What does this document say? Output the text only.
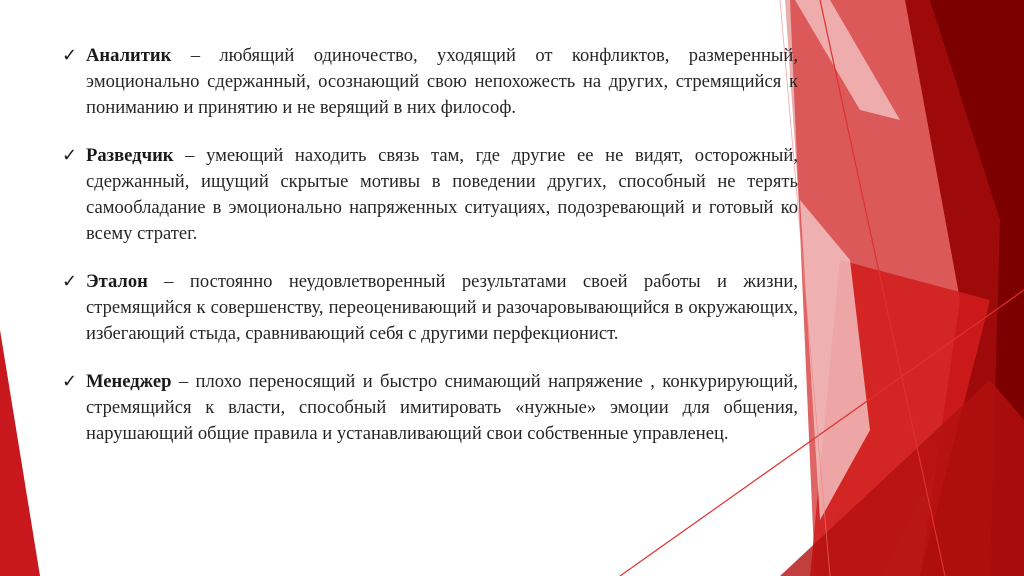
✓ Аналитик – любящий одиночество, уходящий от конфликтов, размеренный, эмоционально сдержанный, осознающий свою непохожесть на других, стремящийся к пониманию и принятию и не верящий в них философ.

✓ Разведчик – умеющий находить связь там, где другие ее не видят, осторожный, сдержанный, ищущий скрытые мотивы в поведении других, способный не терять самообладание в эмоционально напряженных ситуациях, подозревающий и готовый ко всему стратег.

✓ Эталон – постоянно неудовлетворенный результатами своей работы и жизни, стремящийся к совершенству, переоценивающий и разочаровывающийся в окружающих, избегающий стыда, сравнивающий себя с другими перфекционист.

✓ Менеджер – плохо переносящий и быстро снимающий напряжение , конкурирующий, стремящийся к власти, способный имитировать «нужные» эмоции для общения, нарушающий общие правила и устанавливающий свои собственные управленец.
